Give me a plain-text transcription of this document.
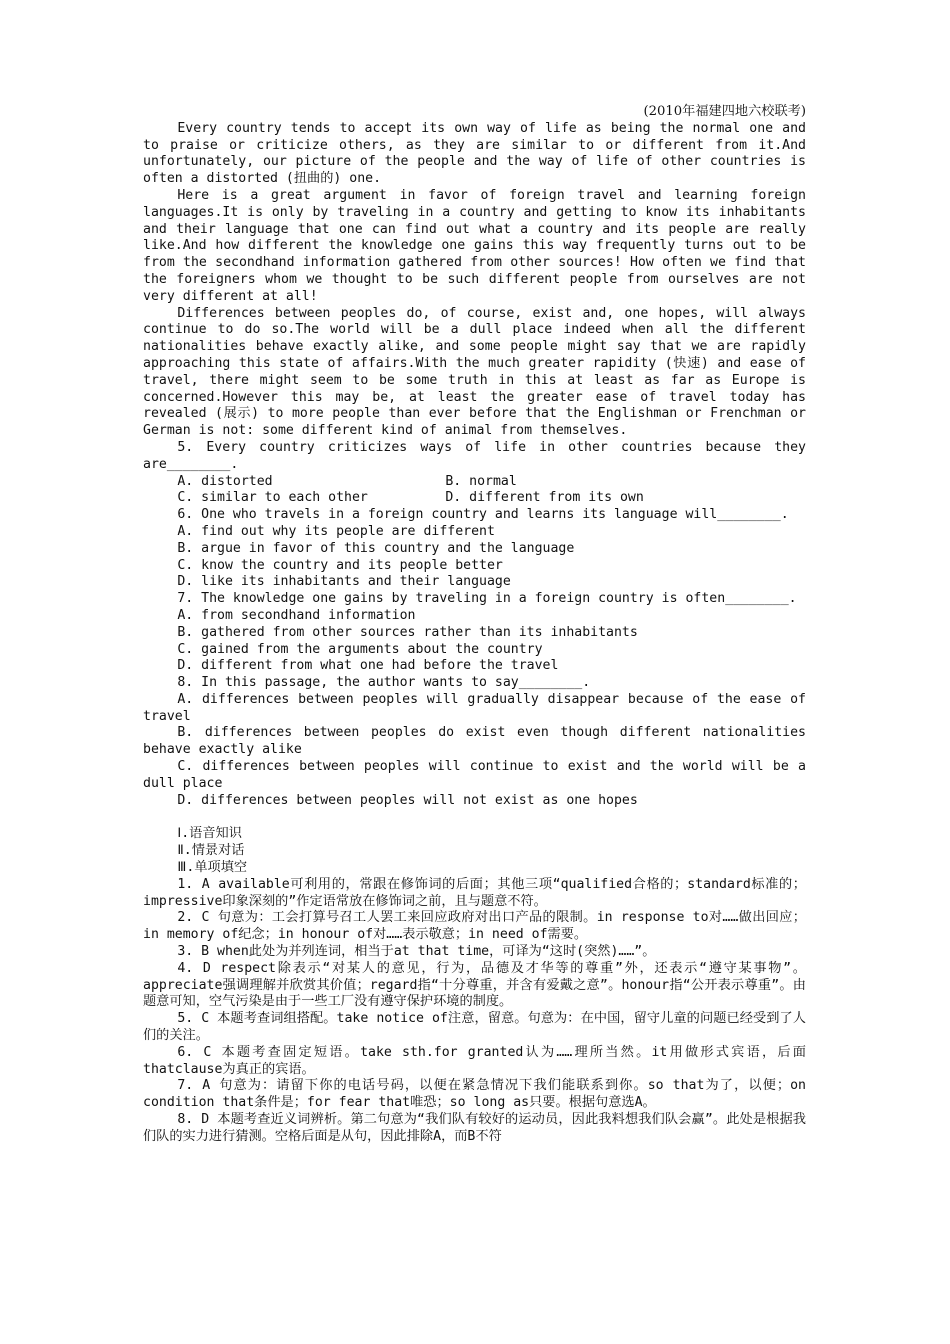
(2010年福建四地六校联考)

Every country tends to accept its own way of life as being the normal one and to praise or criticize others, as they are similar to or different from it.And unfortunately, our picture of the people and the way of life of other countries is often a distorted (扭曲的) one.

Here is a great argument in favor of foreign travel and learning foreign languages.It is only by traveling in a country and getting to know its inhabitants and their language that one can find out what a country and its people are really like.And how different the knowledge one gains this way frequently turns out to be from the secondhand information gathered from other sources! How often we find that the foreigners whom we thought to be such different people from ourselves are not very different at all!

Differences between peoples do, of course, exist and, one hopes, will always continue to do so.The world will be a dull place indeed when all the different nationalities behave exactly alike, and some people might say that we are rapidly approaching this state of affairs.With the much greater rapidity (快速) and ease of travel, there might seem to be some truth in this at least as far as Europe is concerned.However this may be, at least the greater ease of travel today has revealed (展示) to more people than ever before that the Englishman or Frenchman or German is not: some different kind of animal from themselves.

5. Every country criticizes ways of life in other countries because they are________.

A. distorted	B. normal
C. similar to each other	D. different from its own

6. One who travels in a foreign country and learns its language will________.

A. find out why its people are different

B. argue in favor of this country and the language

C. know the country and its people better

D. like its inhabitants and their language

7. The knowledge one gains by traveling in a foreign country is often________.

A. from secondhand information

B. gathered from other sources rather than its inhabitants

C. gained from the arguments about the country

D. different from what one had before the travel

8. In this passage, the author wants to say________.

A. differences between peoples will gradually disappear because of the ease of travel

B. differences between peoples do exist even though different nationalities behave exactly alike

C. differences between peoples will continue to exist and the world will be a dull place

D. differences between peoples will not exist as one hopes

Ⅰ.语音知识

Ⅱ.情景对话

Ⅲ.单项填空

1. A available可利用的，常跟在修饰词的后面；其他三项“qualified合格的；standard标准的；impressive印象深刻的”作定语常放在修饰词之前，且与题意不符。

2. C 句意为：工会打算号召工人罢工来回应政府对出口产品的限制。in response to对……做出回应；in memory of纪念；in honour of对……表示敬意；in need of需要。

3. B when此处为并列连词，相当于at that time，可译为“这时(突然)……”。

4. D respect除表示“对某人的意见，行为，品德及才华等的尊重”外，还表示“遵守某事物”。appreciate强调理解并欣赏其价值；regard指“十分尊重，并含有爱戴之意”。honour指“公开表示尊重”。由题意可知，空气污染是由于一些工厂没有遵守保护环境的制度。

5. C 本题考查词组搭配。take notice of注意，留意。句意为：在中国，留守儿童的问题已经受到了人们的关注。

6. C 本题考查固定短语。take sth.for granted认为……理所当然。it用做形式宾语，后面thatclause为真正的宾语。

7. A 句意为：请留下你的电话号码，以便在紧急情况下我们能联系到你。so that为了，以便；on condition that条件是；for fear that唯恐；so long as只要。根据句意选A。

8. D 本题考查近义词辨析。第二句意为“我们队有较好的运动员，因此我料想我们队会赢”。此处是根据我们队的实力进行猜测。空格后面是从句，因此排除A，而B不符
